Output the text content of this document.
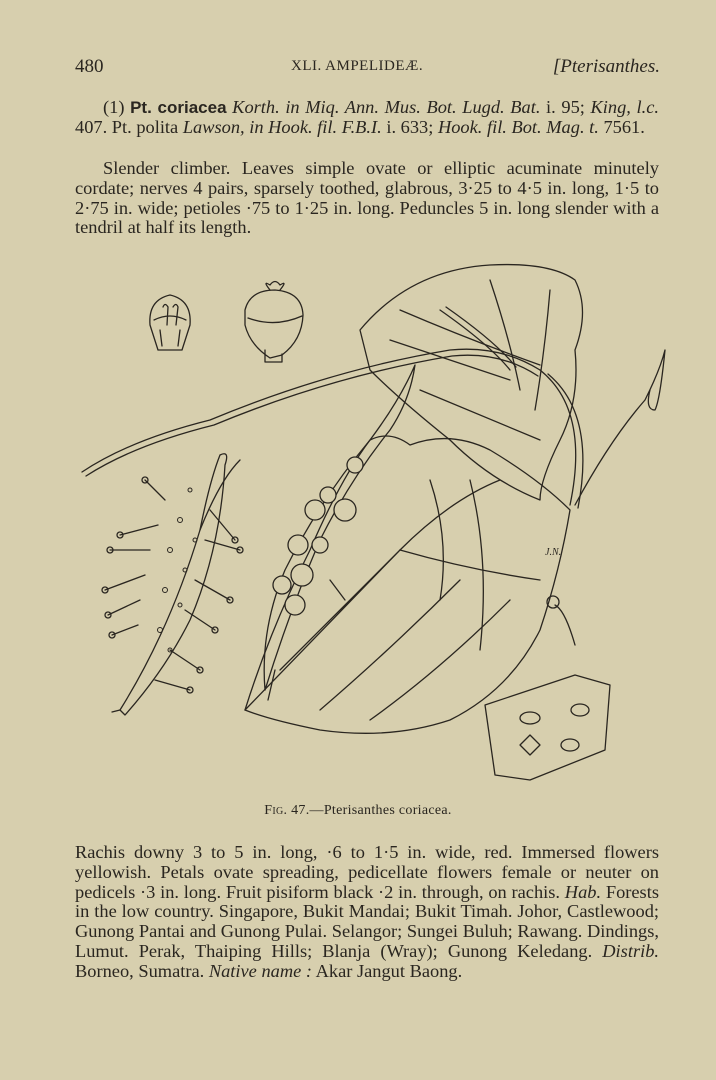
480	XLI. AMPELIDEÆ.	[Pterisanthes.
(1) Pt. coriacea Korth. in Miq. Ann. Mus. Bot. Lugd. Bat. i. 95; King, l.c. 407. Pt. polita Lawson, in Hook. fil. F.B.I. i. 633; Hook. fil. Bot. Mag. t. 7561.
Slender climber. Leaves simple ovate or elliptic acuminate minutely cordate; nerves 4 pairs, sparsely toothed, glabrous, 3·25 to 4·5 in. long, 1·5 to 2·75 in. wide; petioles ·75 to 1·25 in. long. Peduncles 5 in. long slender with a tendril at half its length.
J.N.
Fig. 47.—Pterisanthes coriacea.
Rachis downy 3 to 5 in. long, ·6 to 1·5 in. wide, red. Immersed flowers yellowish. Petals ovate spreading, pedicellate flowers female or neuter on pedicels ·3 in. long. Fruit pisiform black ·2 in. through, on rachis. Hab. Forests in the low country. Singapore, Bukit Mandai; Bukit Timah. Johor, Castlewood; Gunong Pantai and Gunong Pulai. Selangor; Sungei Buluh; Rawang. Dindings, Lumut. Perak, Thaiping Hills; Blanja (Wray); Gunong Keledang. Distrib. Borneo, Sumatra. Native name : Akar Jangut Baong.
